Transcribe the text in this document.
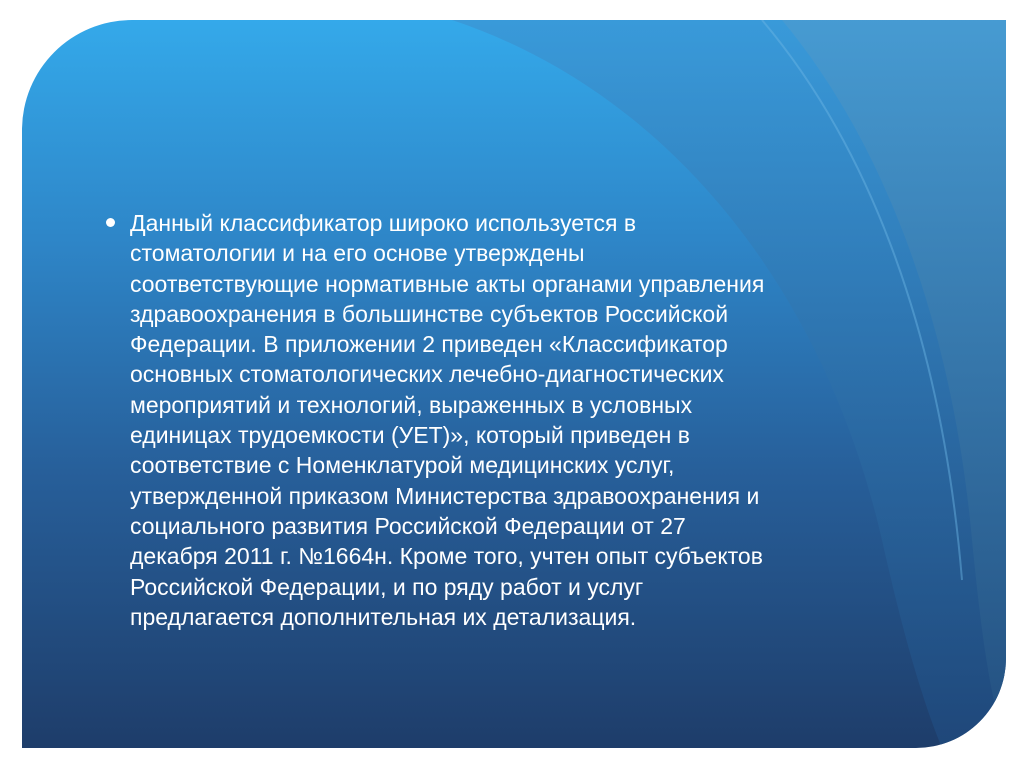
Данный классификатор широко используется в
стоматологии и на его основе утверждены
соответствующие нормативные акты органами управления
здравоохранения в большинстве субъектов Российской
Федерации. В приложении 2 приведен «Классификатор
основных стоматологических лечебно-диагностических
мероприятий и технологий, выраженных в условных
единицах трудоемкости (УЕТ)», который приведен в
соответствие с Номенклатурой медицинских услуг,
утвержденной приказом Министерства здравоохранения и
социального развития Российской Федерации от 27
декабря 2011 г. №1664н. Кроме того, учтен опыт субъектов
Российской Федерации, и по ряду работ и услуг
предлагается дополнительная их детализация.
